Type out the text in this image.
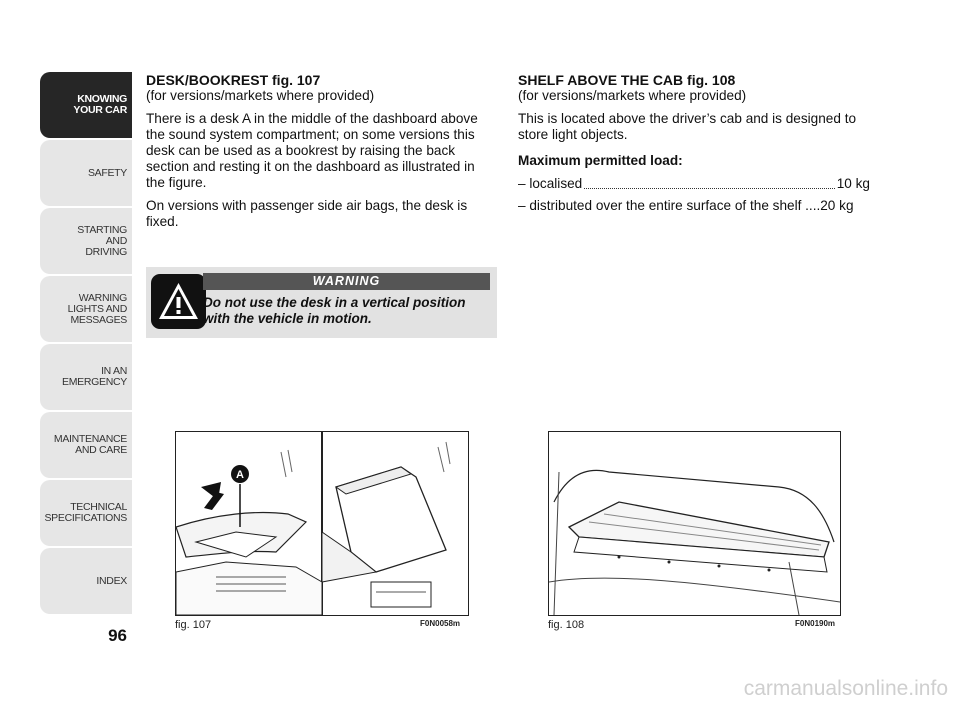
KNOWING
YOUR CAR
SAFETY
STARTING
AND
DRIVING
WARNING
LIGHTS AND
MESSAGES
IN AN
EMERGENCY
MAINTENANCE
AND CARE
TECHNICAL
SPECIFICATIONS
INDEX
96
DESK/BOOKREST fig. 107
(for versions/markets where provided)

There is a desk A in the middle of the dashboard above the sound system compartment; on some versions this desk can be used as a bookrest by raising the back section and resting it on the dashboard as illustrated in the figure.

On versions with passenger side air bags, the desk is fixed.

WARNING
Do not use the desk in a vertical position with the vehicle in motion.
SHELF ABOVE THE CAB fig. 108
(for versions/markets where provided)

This is located above the driver’s cab and is designed to store light objects.

Maximum permitted load:

– localised	10 kg
– distributed over the entire surface of the shelf .... 20 kg
A
fig. 107	F0N0058m	fig. 108	F0N0190m
carmanualsonline.info
